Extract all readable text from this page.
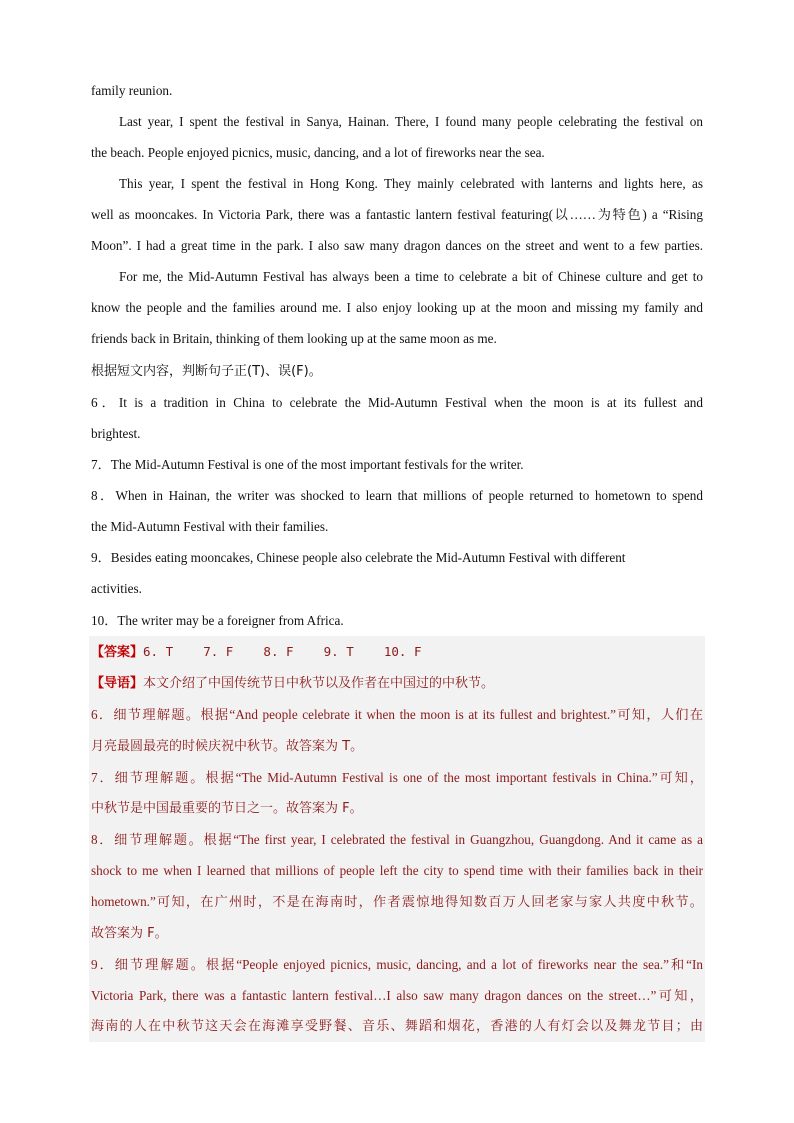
family reunion.
Last year, I spent the festival in Sanya, Hainan. There, I found many people celebrating the festival on
the beach. People enjoyed picnics, music, dancing, and a lot of fireworks near the sea.
This year, I spent the festival in Hong Kong. They mainly celebrated with lanterns and lights here, as
well as mooncakes. In Victoria Park, there was a fantastic lantern festival featuring(以……为特色) a “Rising
Moon”. I had a great time in the park. I also saw many dragon dances on the street and went to a few parties.
For me, the Mid-Autumn Festival has always been a time to celebrate a bit of Chinese culture and get to
know the people and the families around me. I also enjoy looking up at the moon and missing my family and
friends back in Britain, thinking of them looking up at the same moon as me.
根据短文内容，判断句子正(T)、误(F)。
6．It is a tradition in China to celebrate the Mid-Autumn Festival when the moon is at its fullest and
brightest.
7．The Mid-Autumn Festival is one of the most important festivals for the writer.
8．When in Hainan, the writer was shocked to learn that millions of people returned to hometown to spend
the Mid-Autumn Festival with their families.
9．Besides eating mooncakes, Chinese people also celebrate the Mid-Autumn Festival with different
activities.
10．The writer may be a foreigner from Africa.
【答案】6. T    7. F    8. F    9. T    10. F
【导语】本文介绍了中国传统节日中秋节以及作者在中国过的中秋节。
6．细节理解题。根据“And people celebrate it when the moon is at its fullest and brightest.”可知，人们在
月亮最圆最亮的时候庆祝中秋节。故答案为 T。
7．细节理解题。根据“The Mid-Autumn Festival is one of the most important festivals in China.”可知，
中秋节是中国最重要的节日之一。故答案为 F。
8．细节理解题。根据“The first year, I celebrated the festival in Guangzhou, Guangdong. And it came as a
shock to me when I learned that millions of people left the city to spend time with their families back in their
hometown.”可知，在广州时，不是在海南时，作者震惊地得知数百万人回老家与家人共度中秋节。
故答案为 F。
9．细节理解题。根据“People enjoyed picnics, music, dancing, and a lot of fireworks near the sea.”和“In
Victoria Park, there was a fantastic lantern festival…I also saw many dragon dances on the street…”可知，
海南的人在中秋节这天会在海滩享受野餐、音乐、舞蹈和烟花，香港的人有灯会以及舞龙节目；由
